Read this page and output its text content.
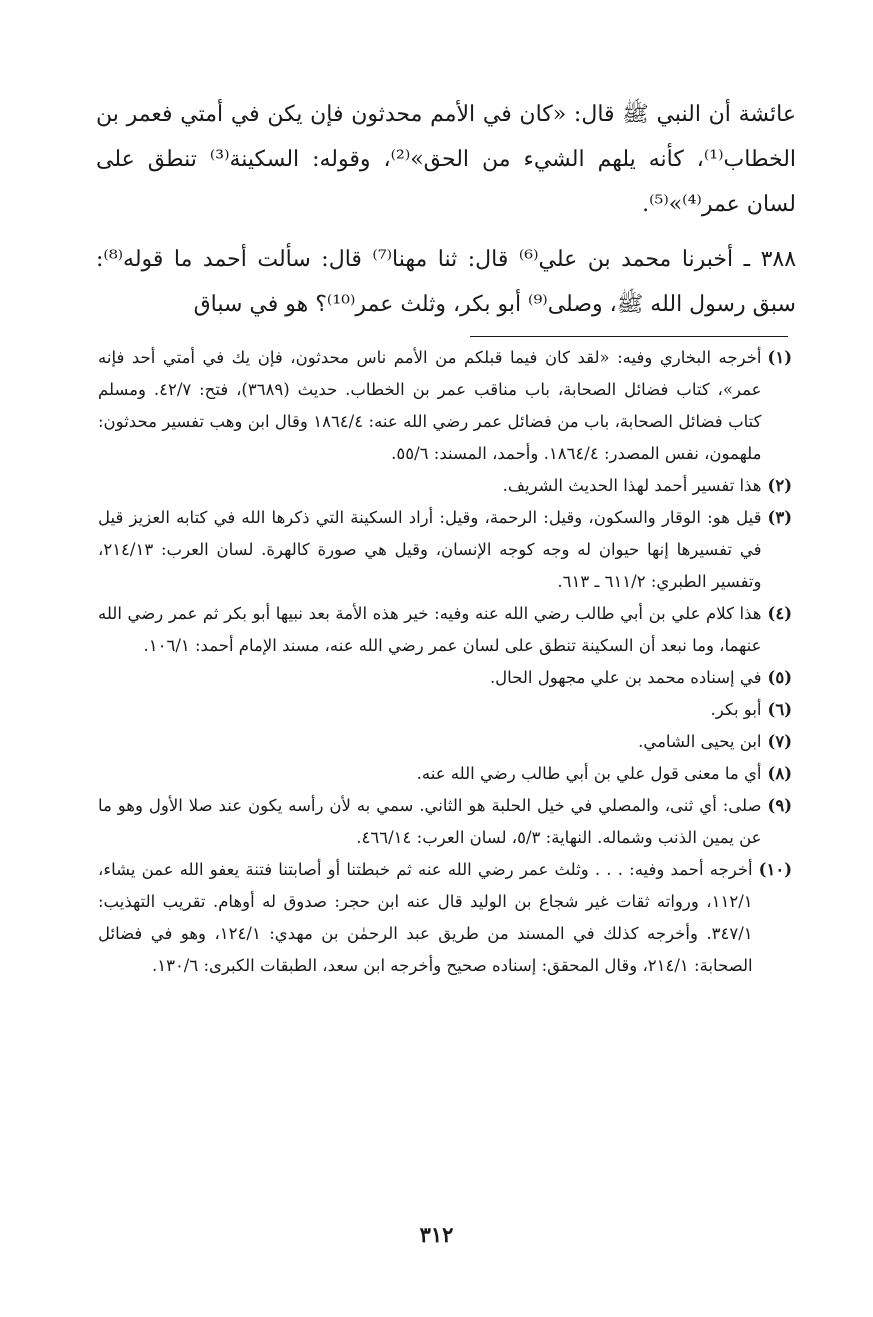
عائشة أن النبي ﷺ قال: «كان في الأمم محدثون فإن يكن في أمتي فعمر بن الخطاب⁽¹⁾، كأنه يلهم الشيء من الحق»⁽²⁾، وقوله: السكينة⁽³⁾ تنطق على لسان عمر⁽⁴⁾»⁽⁵⁾.

٣٨٨ ـ أخبرنا محمد بن علي⁽⁶⁾ قال: ثنا مهنا⁽⁷⁾ قال: سألت أحمد ما قوله⁽⁸⁾: سبق رسول الله ﷺ، وصلى⁽⁹⁾ أبو بكر، وثلث عمر⁽¹⁰⁾؟ هو في سباق

(١)
أخرجه البخاري وفيه: «لقد كان فيما قبلكم من الأمم ناس محدثون، فإن يك في أمتي أحد فإنه عمر»، كتاب فضائل الصحابة، باب مناقب عمر بن الخطاب. حديث (٣٦٨٩)، فتح: ٤٢/٧. ومسلم كتاب فضائل الصحابة، باب من فضائل عمر رضي الله عنه: ١٨٦٤/٤ وقال ابن وهب تفسير محدثون: ملهمون، نفس المصدر: ١٨٦٤/٤. وأحمد، المسند: ٥٥/٦.
(٢)
هذا تفسير أحمد لهذا الحديث الشريف.
(٣)
قيل هو: الوقار والسكون، وقيل: الرحمة، وقيل: أراد السكينة التي ذكرها الله في كتابه العزيز قيل في تفسيرها إنها حيوان له وجه كوجه الإنسان، وقيل هي صورة كالهرة. لسان العرب: ٢١٤/١٣، وتفسير الطبري: ٦١١/٢ ـ ٦١٣.
(٤)
هذا كلام علي بن أبي طالب رضي الله عنه وفيه: خير هذه الأمة بعد نبيها أبو بكر ثم عمر رضي الله عنهما، وما نبعد أن السكينة تنطق على لسان عمر رضي الله عنه، مسند الإمام أحمد: ١٠٦/١.
(٥)
في إسناده محمد بن علي مجهول الحال.
(٦)
أبو بكر.
(٧)
ابن يحيى الشامي.
(٨)
أي ما معنى قول علي بن أبي طالب رضي الله عنه.
(٩)
صلى: أي ثنى، والمصلي في خيل الحلبة هو الثاني. سمي به لأن رأسه يكون عند صلا الأول وهو ما عن يمين الذنب وشماله. النهاية: ٥/٣، لسان العرب: ٤٦٦/١٤.
(١٠)
أخرجه أحمد وفيه: . . . وثلث عمر رضي الله عنه ثم خبطتنا أو أصابتنا فتنة يعفو الله عمن يشاء، ١١٢/١، ورواته ثقات غير شجاع بن الوليد قال عنه ابن حجر: صدوق له أوهام. تقريب التهذيب: ٣٤٧/١. وأخرجه كذلك في المسند من طريق عبد الرحمٰن بن مهدي: ١٢٤/١، وهو في فضائل الصحابة: ٢١٤/١، وقال المحقق: إسناده صحيح وأخرجه ابن سعد، الطبقات الكبرى: ١٣٠/٦.
٣١٢
